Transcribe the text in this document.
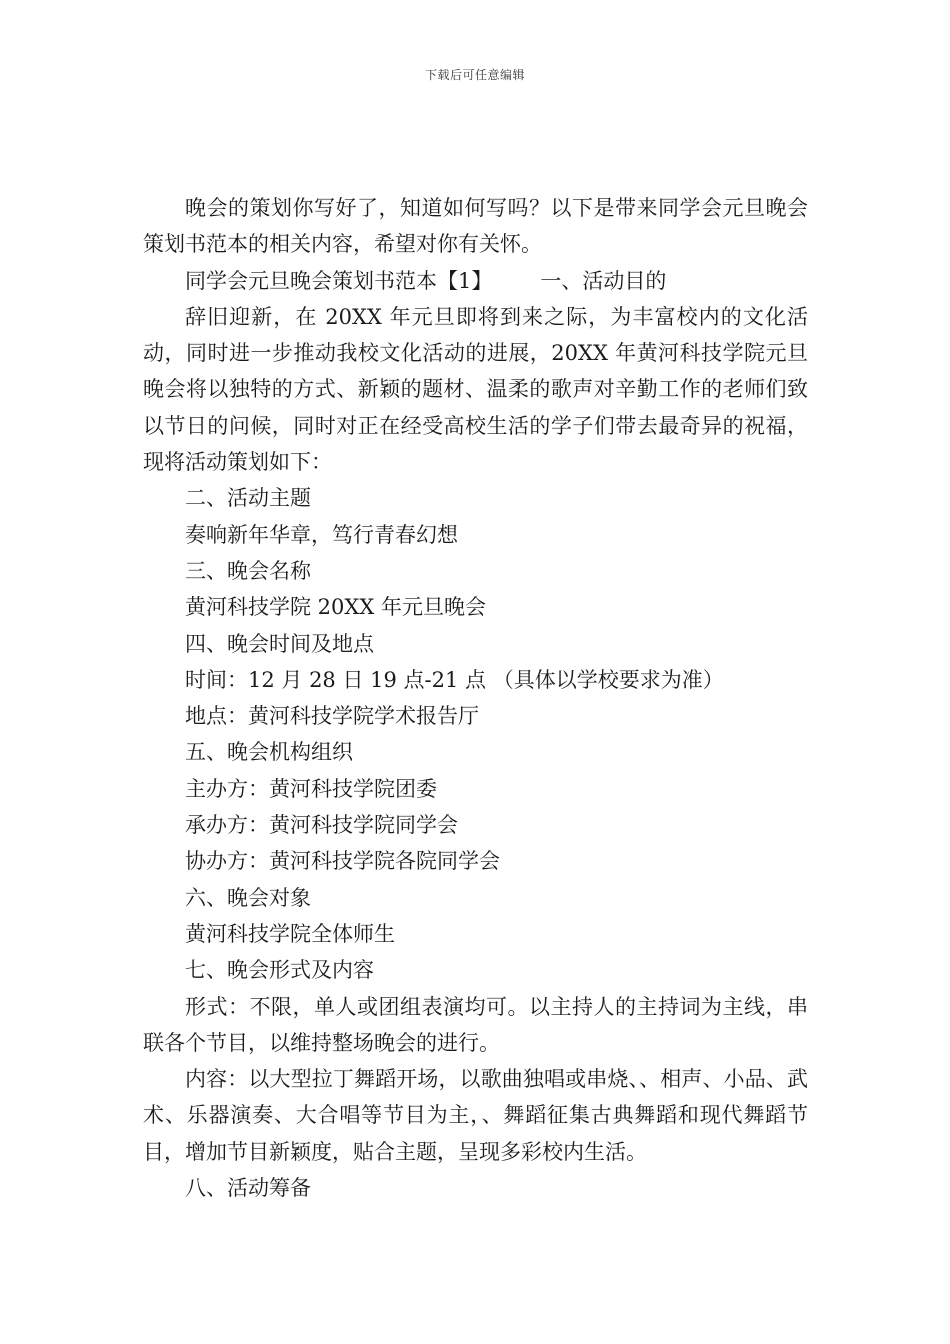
下载后可任意编辑

晚会的策划你写好了，知道如何写吗？以下是带来同学会元旦晚会策划书范本的相关内容，希望对你有关怀。

同学会元旦晚会策划书范本【1】 一、活动目的

辞旧迎新，在 20XX 年元旦即将到来之际，为丰富校内的文化活动，同时进一步推动我校文化活动的进展，20XX 年黄河科技学院元旦晚会将以独特的方式、新颖的题材、温柔的歌声对辛勤工作的老师们致以节日的问候，同时对正在经受高校生活的学子们带去最奇异的祝福，现将活动策划如下：

二、活动主题

奏响新年华章，笃行青春幻想

三、晚会名称

黄河科技学院 20XX 年元旦晚会

四、晚会时间及地点

时间：12 月 28 日 19 点-21 点 （具体以学校要求为准）

地点：黄河科技学院学术报告厅

五、晚会机构组织

主办方：黄河科技学院团委

承办方：黄河科技学院同学会

协办方：黄河科技学院各院同学会

六、晚会对象

黄河科技学院全体师生

七、晚会形式及内容

形式：不限，单人或团组表演均可。以主持人的主持词为主线，串联各个节目，以维持整场晚会的进行。

内容：以大型拉丁舞蹈开场，以歌曲独唱或串烧、、相声、小品、武术、乐器演奏、大合唱等节目为主，、舞蹈征集古典舞蹈和现代舞蹈节目，增加节目新颖度，贴合主题，呈现多彩校内生活。

八、活动筹备
